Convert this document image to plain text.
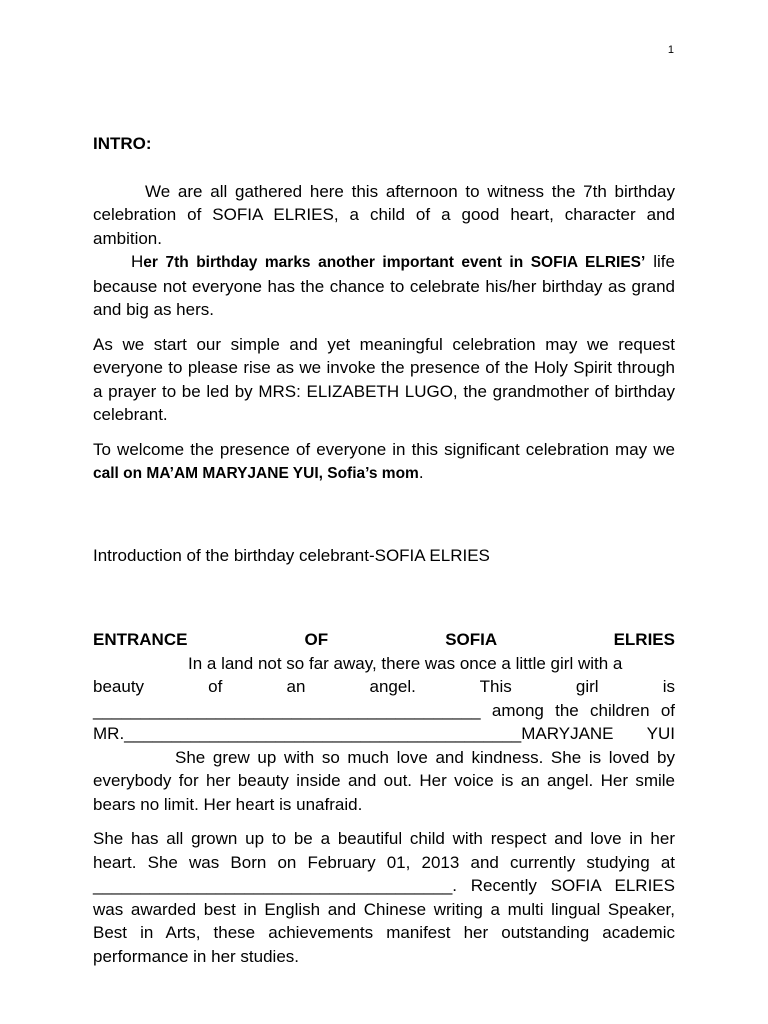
1

INTRO:

We are all gathered here this afternoon to witness the 7th birthday celebration of SOFIA ELRIES, a child of a good heart, character and ambition.

Her 7th birthday marks another important event in SOFIA ELRIES’ life because not everyone has the chance to celebrate his/her birthday as grand and big as hers.

As we start our simple and yet meaningful celebration may we request everyone to please rise as we invoke the presence of the Holy Spirit through a prayer to be led by MRS: ELIZABETH LUGO, the grandmother of birthday celebrant.

To welcome the presence of everyone in this significant celebration may we call on MA’AM MARYJANE YUI, Sofia’s mom.

Introduction of the birthday celebrant-SOFIA ELRIES

ENTRANCE OF SOFIA ELRIES

In a land not so far away, there was once a little girl with a

beauty of an angel. This girl is

_________________________________________ among the children of

MR.__________________________________________MARYJANE YUI

She grew up with so much love and kindness. She is loved by everybody for her beauty inside and out. Her voice is an angel. Her smile bears no limit. Her heart is unafraid.

She has all grown up to be a beautiful child with respect and love in her heart. She was Born on February 01, 2013 and currently studying at ______________________________________. Recently SOFIA ELRIES was awarded best in English and Chinese writing a multi lingual Speaker, Best in Arts, these achievements manifest her outstanding academic performance in her studies.
